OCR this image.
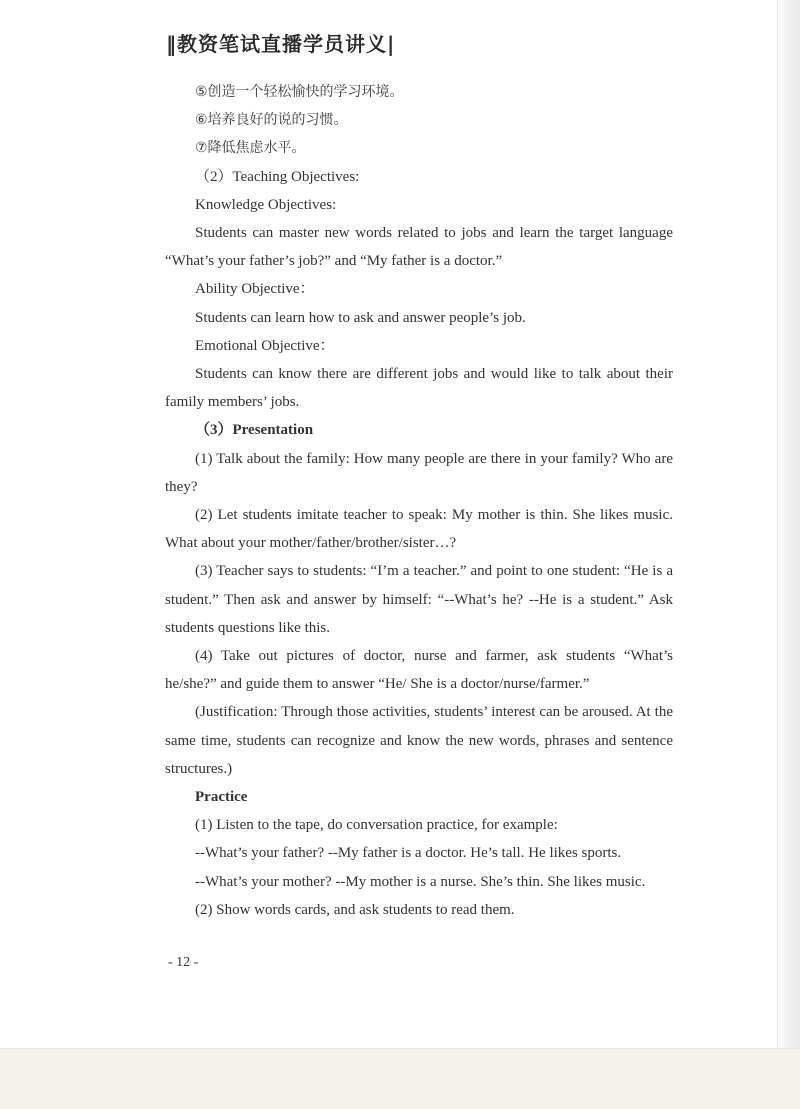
‖教资笔试直播学员讲义|

⑤创造一个轻松愉快的学习环境。

⑥培养良好的说的习惯。

⑦降低焦虑水平。

（2）Teaching Objectives:

Knowledge Objectives:

Students can master new words related to jobs and learn the target language “What’s your father’s job?” and “My father is a doctor.”

Ability Objective：

Students can learn how to ask and answer people’s job.

Emotional Objective：

Students can know there are different jobs and would like to talk about their family members’ jobs.

（3）Presentation

(1) Talk about the family: How many people are there in your family? Who are they?

(2) Let students imitate teacher to speak: My mother is thin. She likes music. What about your mother/father/brother/sister…?

(3) Teacher says to students: “I’m a teacher.” and point to one student: “He is a student.” Then ask and answer by himself: “--What’s he? --He is a student.” Ask students questions like this.

(4) Take out pictures of doctor, nurse and farmer, ask students “What’s he/she?” and guide them to answer “He/ She is a doctor/nurse/farmer.”

(Justification: Through those activities, students’ interest can be aroused. At the same time, students can recognize and know the new words, phrases and sentence structures.)

Practice

(1) Listen to the tape, do conversation practice, for example:

--What’s your father? --My father is a doctor. He’s tall. He likes sports.

--What’s your mother? --My mother is a nurse. She’s thin. She likes music.

(2) Show words cards, and ask students to read them.

- 12 -
